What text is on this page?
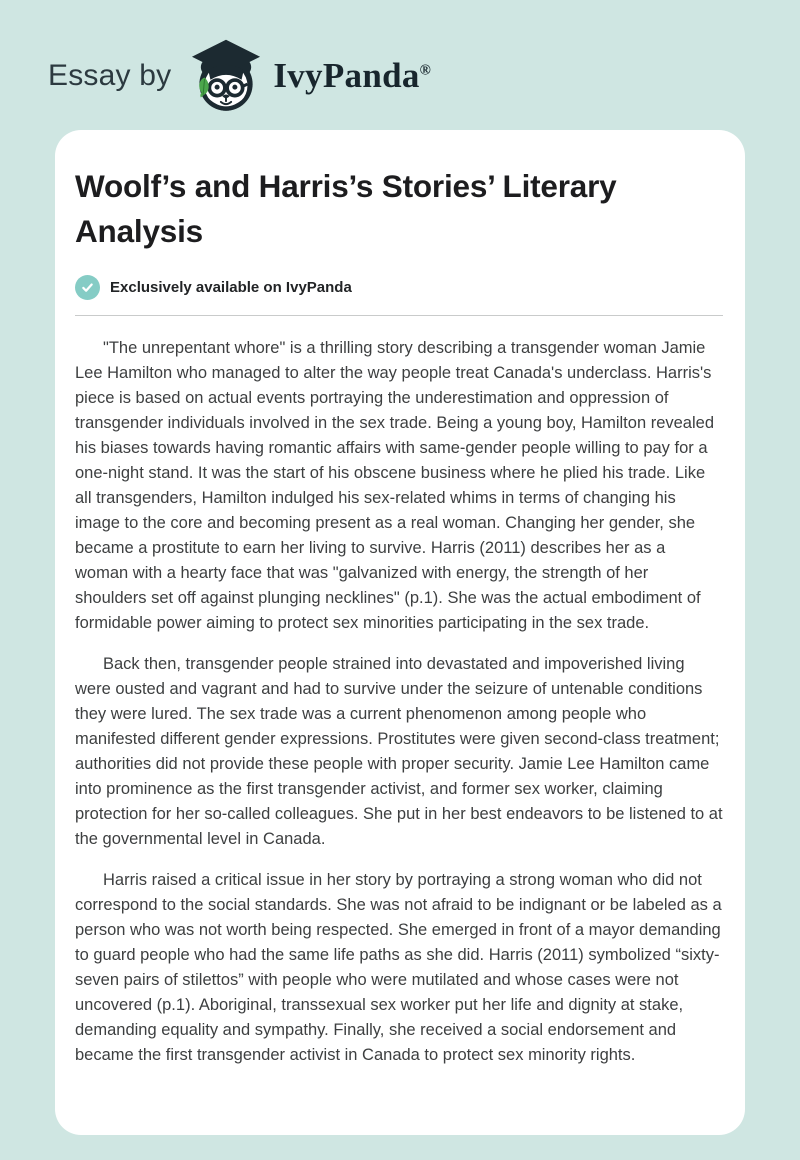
Essay by	IvyPanda®
Woolf’s and Harris’s Stories’ Literary Analysis
Exclusively available on IvyPanda

"The unrepentant whore" is a thrilling story describing a transgender woman Jamie Lee Hamilton who managed to alter the way people treat Canada's underclass. Harris's piece is based on actual events portraying the underestimation and oppression of transgender individuals involved in the sex trade. Being a young boy, Hamilton revealed his biases towards having romantic affairs with same-gender people willing to pay for a one-night stand. It was the start of his obscene business where he plied his trade. Like all transgenders, Hamilton indulged his sex-related whims in terms of changing his image to the core and becoming present as a real woman. Changing her gender, she became a prostitute to earn her living to survive. Harris (2011) describes her as a woman with a hearty face that was "galvanized with energy, the strength of her shoulders set off against plunging necklines" (p.1). She was the actual embodiment of formidable power aiming to protect sex minorities participating in the sex trade.

Back then, transgender people strained into devastated and impoverished living were ousted and vagrant and had to survive under the seizure of untenable conditions they were lured. The sex trade was a current phenomenon among people who manifested different gender expressions. Prostitutes were given second-class treatment; authorities did not provide these people with proper security. Jamie Lee Hamilton came into prominence as the first transgender activist, and former sex worker, claiming protection for her so-called colleagues. She put in her best endeavors to be listened to at the governmental level in Canada.

Harris raised a critical issue in her story by portraying a strong woman who did not correspond to the social standards. She was not afraid to be indignant or be labeled as a person who was not worth being respected. She emerged in front of a mayor demanding to guard people who had the same life paths as she did. Harris (2011) symbolized “sixty-seven pairs of stilettos” with people who were mutilated and whose cases were not uncovered (p.1). Aboriginal, transsexual sex worker put her life and dignity at stake, demanding equality and sympathy. Finally, she received a social endorsement and became the first transgender activist in Canada to protect sex minority rights.
